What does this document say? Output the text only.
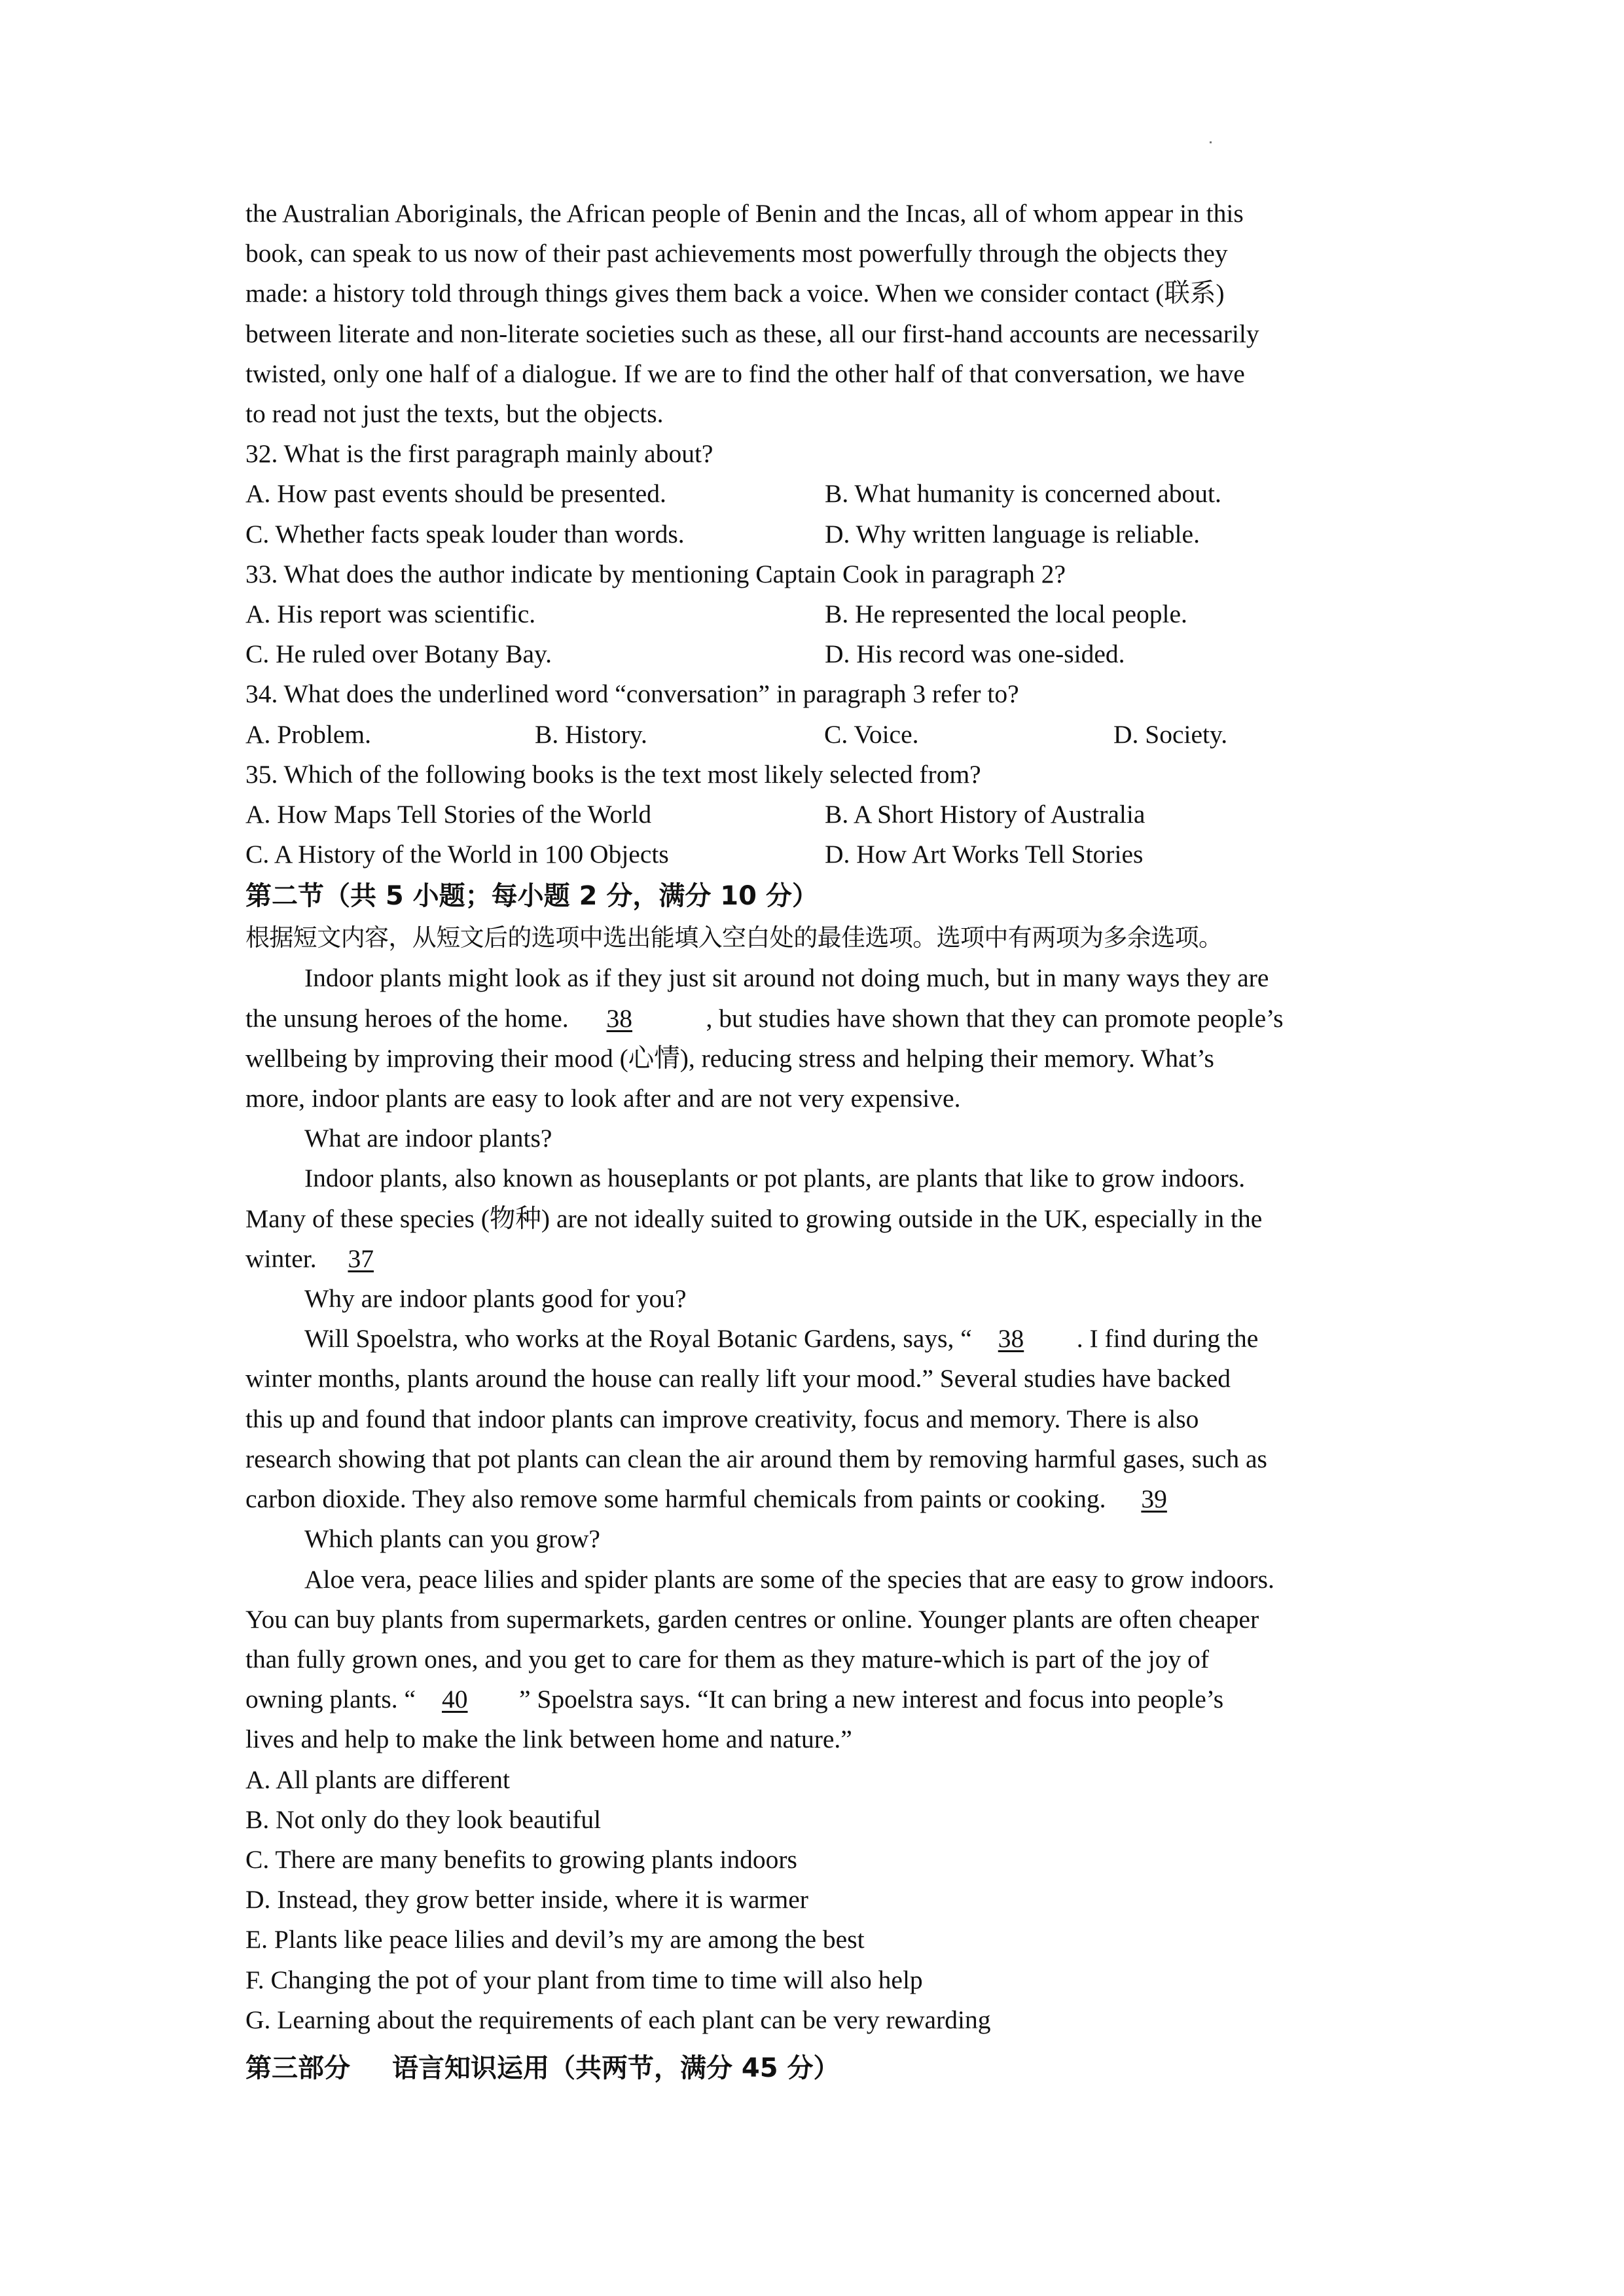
the Australian Aboriginals, the African people of Benin and the Incas, all of whom appear in this
book, can speak to us now of their past achievements most powerfully through the objects they
made: a history told through things gives them back a voice. When we consider contact (联系)
between literate and non-literate societies such as these, all our first-hand accounts are necessarily
twisted, only one half of a dialogue. If we are to find the other half of that conversation, we have
to read not just the texts, but the objects.
32. What is the first paragraph mainly about?
A. How past events should be presented.	B. What humanity is concerned about.
C. Whether facts speak louder than words.	D. Why written language is reliable.
33. What does the author indicate by mentioning Captain Cook in paragraph 2?
A. His report was scientific.	B. He represented the local people.
C. He ruled over Botany Bay.	D. His record was one-sided.
34. What does the underlined word “conversation” in paragraph 3 refer to?
A. Problem.	B. History.	C. Voice.	D. Society.
35. Which of the following books is the text most likely selected from?
A. How Maps Tell Stories of the World	B. A Short History of Australia
C. A History of the World in 100 Objects	D. How Art Works Tell Stories
第二节（共 5 小题；每小题 2 分，满分 10 分）
根据短文内容，从短文后的选项中选出能填入空白处的最佳选项。选项中有两项为多余选项。
Indoor plants might look as if they just sit around not doing much, but in many ways they are
the unsung heroes of the home. 38	, but studies have shown that they can promote people’s
wellbeing by improving their mood (心情), reducing stress and helping their memory. What’s
more, indoor plants are easy to look after and are not very expensive.
What are indoor plants?
Indoor plants, also known as houseplants or pot plants, are plants that like to grow indoors.
Many of these species (物种) are not ideally suited to growing outside in the UK, especially in the
winter. 37
Why are indoor plants good for you?
Will Spoelstra, who works at the Royal Botanic Gardens, says, “ 38 . I find during the
winter months, plants around the house can really lift your mood.” Several studies have backed
this up and found that indoor plants can improve creativity, focus and memory. There is also
research showing that pot plants can clean the air around them by removing harmful gases, such as
carbon dioxide. They also remove some harmful chemicals from paints or cooking. 39
Which plants can you grow?
Aloe vera, peace lilies and spider plants are some of the species that are easy to grow indoors.
You can buy plants from supermarkets, garden centres or online. Younger plants are often cheaper
than fully grown ones, and you get to care for them as they mature-which is part of the joy of
owning plants. “ 40 ” Spoelstra says. “It can bring a new interest and focus into people’s
lives and help to make the link between home and nature.”
A. All plants are different
B. Not only do they look beautiful
C. There are many benefits to growing plants indoors
D. Instead, they grow better inside, where it is warmer
E. Plants like peace lilies and devil’s my are among the best
F. Changing the pot of your plant from time to time will also help
G. Learning about the requirements of each plant can be very rewarding
第三部分 语言知识运用（共两节，满分 45 分）
